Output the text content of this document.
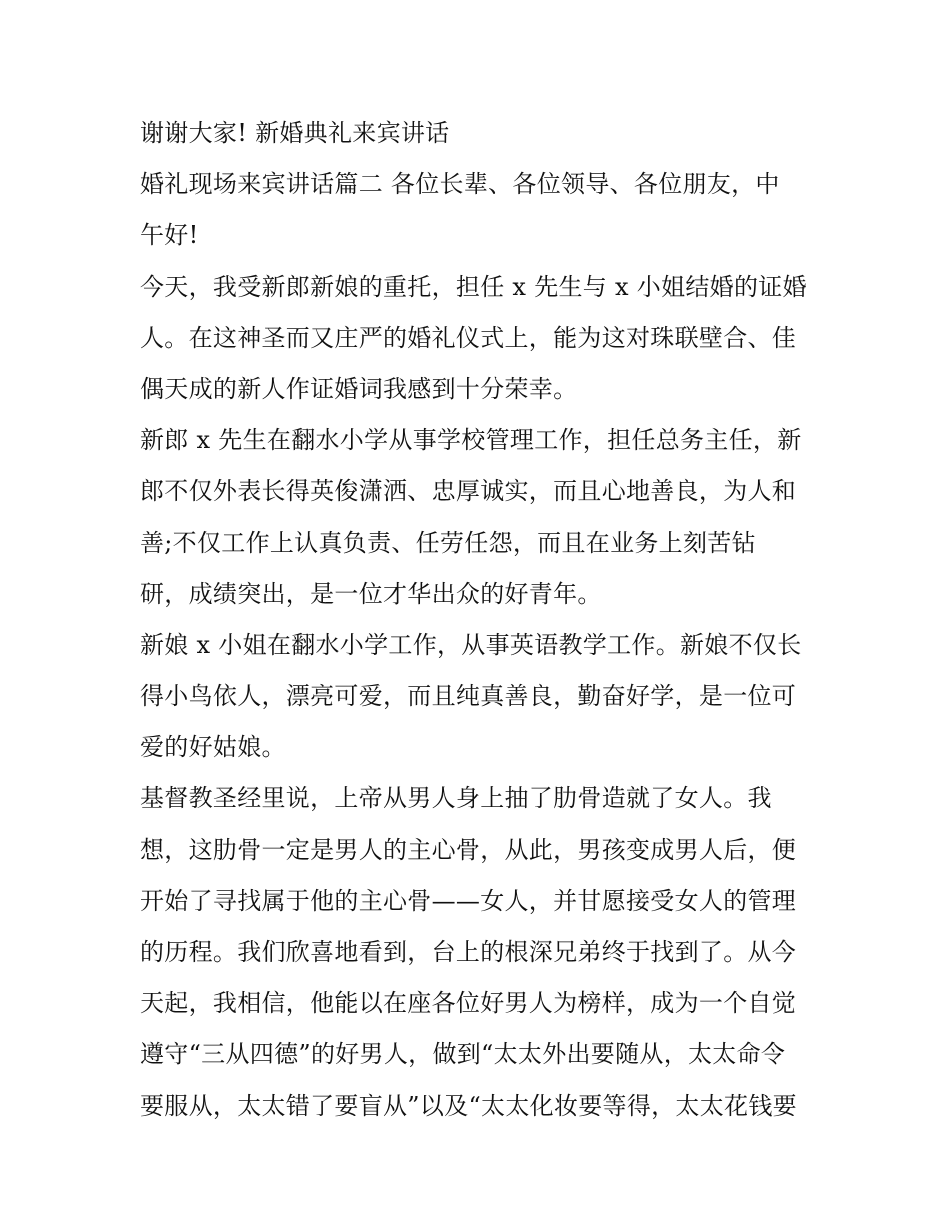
谢谢大家! 新婚典礼来宾讲话
婚礼现场来宾讲话篇二 各位长辈、各位领导、各位朋友，中
午好!
今天，我受新郎新娘的重托，担任 x 先生与 x 小姐结婚的证婚
人。在这神圣而又庄严的婚礼仪式上，能为这对珠联壁合、佳
偶天成的新人作证婚词我感到十分荣幸。
新郎 x 先生在翻水小学从事学校管理工作，担任总务主任，新
郎不仅外表长得英俊潇洒、忠厚诚实，而且心地善良，为人和
善;不仅工作上认真负责、任劳任怨，而且在业务上刻苦钻
研，成绩突出，是一位才华出众的好青年。
新娘 x 小姐在翻水小学工作，从事英语教学工作。新娘不仅长
得小鸟依人，漂亮可爱，而且纯真善良，勤奋好学，是一位可
爱的好姑娘。
基督教圣经里说，上帝从男人身上抽了肋骨造就了女人。我
想，这肋骨一定是男人的主心骨，从此，男孩变成男人后，便
开始了寻找属于他的主心骨——女人，并甘愿接受女人的管理
的历程。我们欣喜地看到，台上的根深兄弟终于找到了。从今
天起，我相信，他能以在座各位好男人为榜样，成为一个自觉
遵守“三从四德”的好男人，做到“太太外出要随从，太太命令
要服从，太太错了要盲从”以及“太太化妆要等得，太太花钱要
